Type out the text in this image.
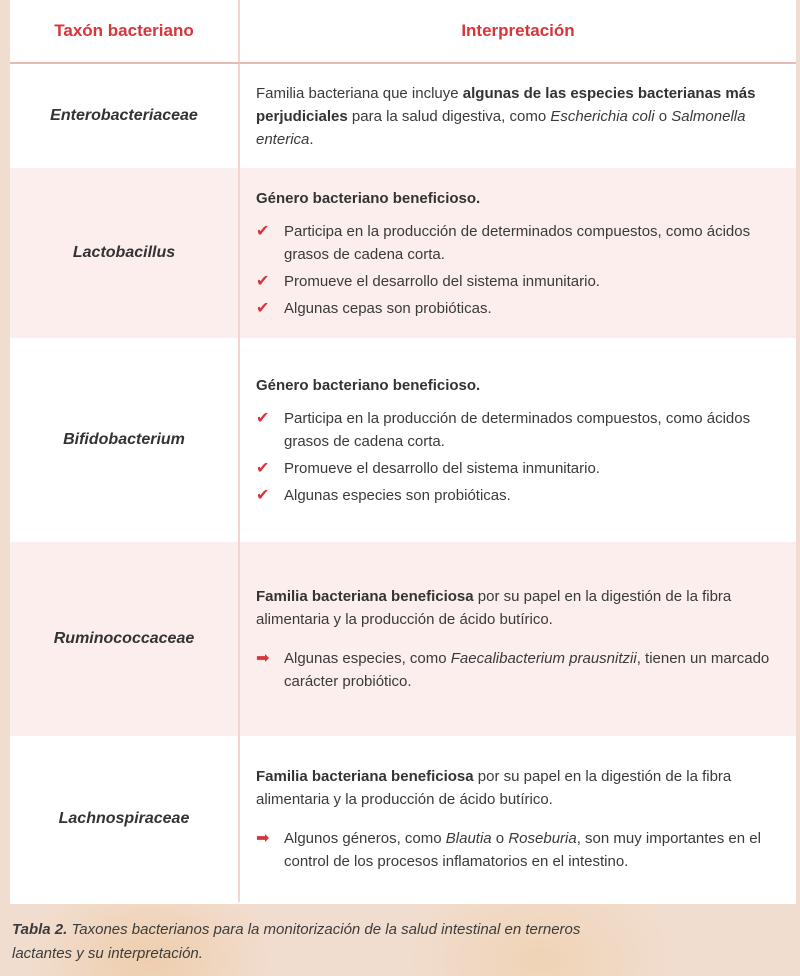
Taxón bacteriano	Interpretación
Enterobacteriaceae
Familia bacteriana que incluye algunas de las especies bacterianas más perjudiciales para la salud digestiva, como Escherichia coli o Salmonella enterica.
Lactobacillus
Género bacteriano beneficioso.
✔ Participa en la producción de determinados compuestos, como ácidos grasos de cadena corta.
✔ Promueve el desarrollo del sistema inmunitario.
✔ Algunas cepas son probióticas.
Bifidobacterium
Género bacteriano beneficioso.
✔ Participa en la producción de determinados compuestos, como ácidos grasos de cadena corta.
✔ Promueve el desarrollo del sistema inmunitario.
✔ Algunas especies son probióticas.
Ruminococcaceae
Familia bacteriana beneficiosa por su papel en la digestión de la fibra alimentaria y la producción de ácido butírico.
➡ Algunas especies, como Faecalibacterium prausnitzii, tienen un marcado carácter probiótico.
Lachnospiraceae
Familia bacteriana beneficiosa por su papel en la digestión de la fibra alimentaria y la producción de ácido butírico.
➡ Algunos géneros, como Blautia o Roseburia, son muy importantes en el control de los procesos inflamatorios en el intestino.
Tabla 2. Taxones bacterianos para la monitorización de la salud intestinal en terneros lactantes y su interpretación.
